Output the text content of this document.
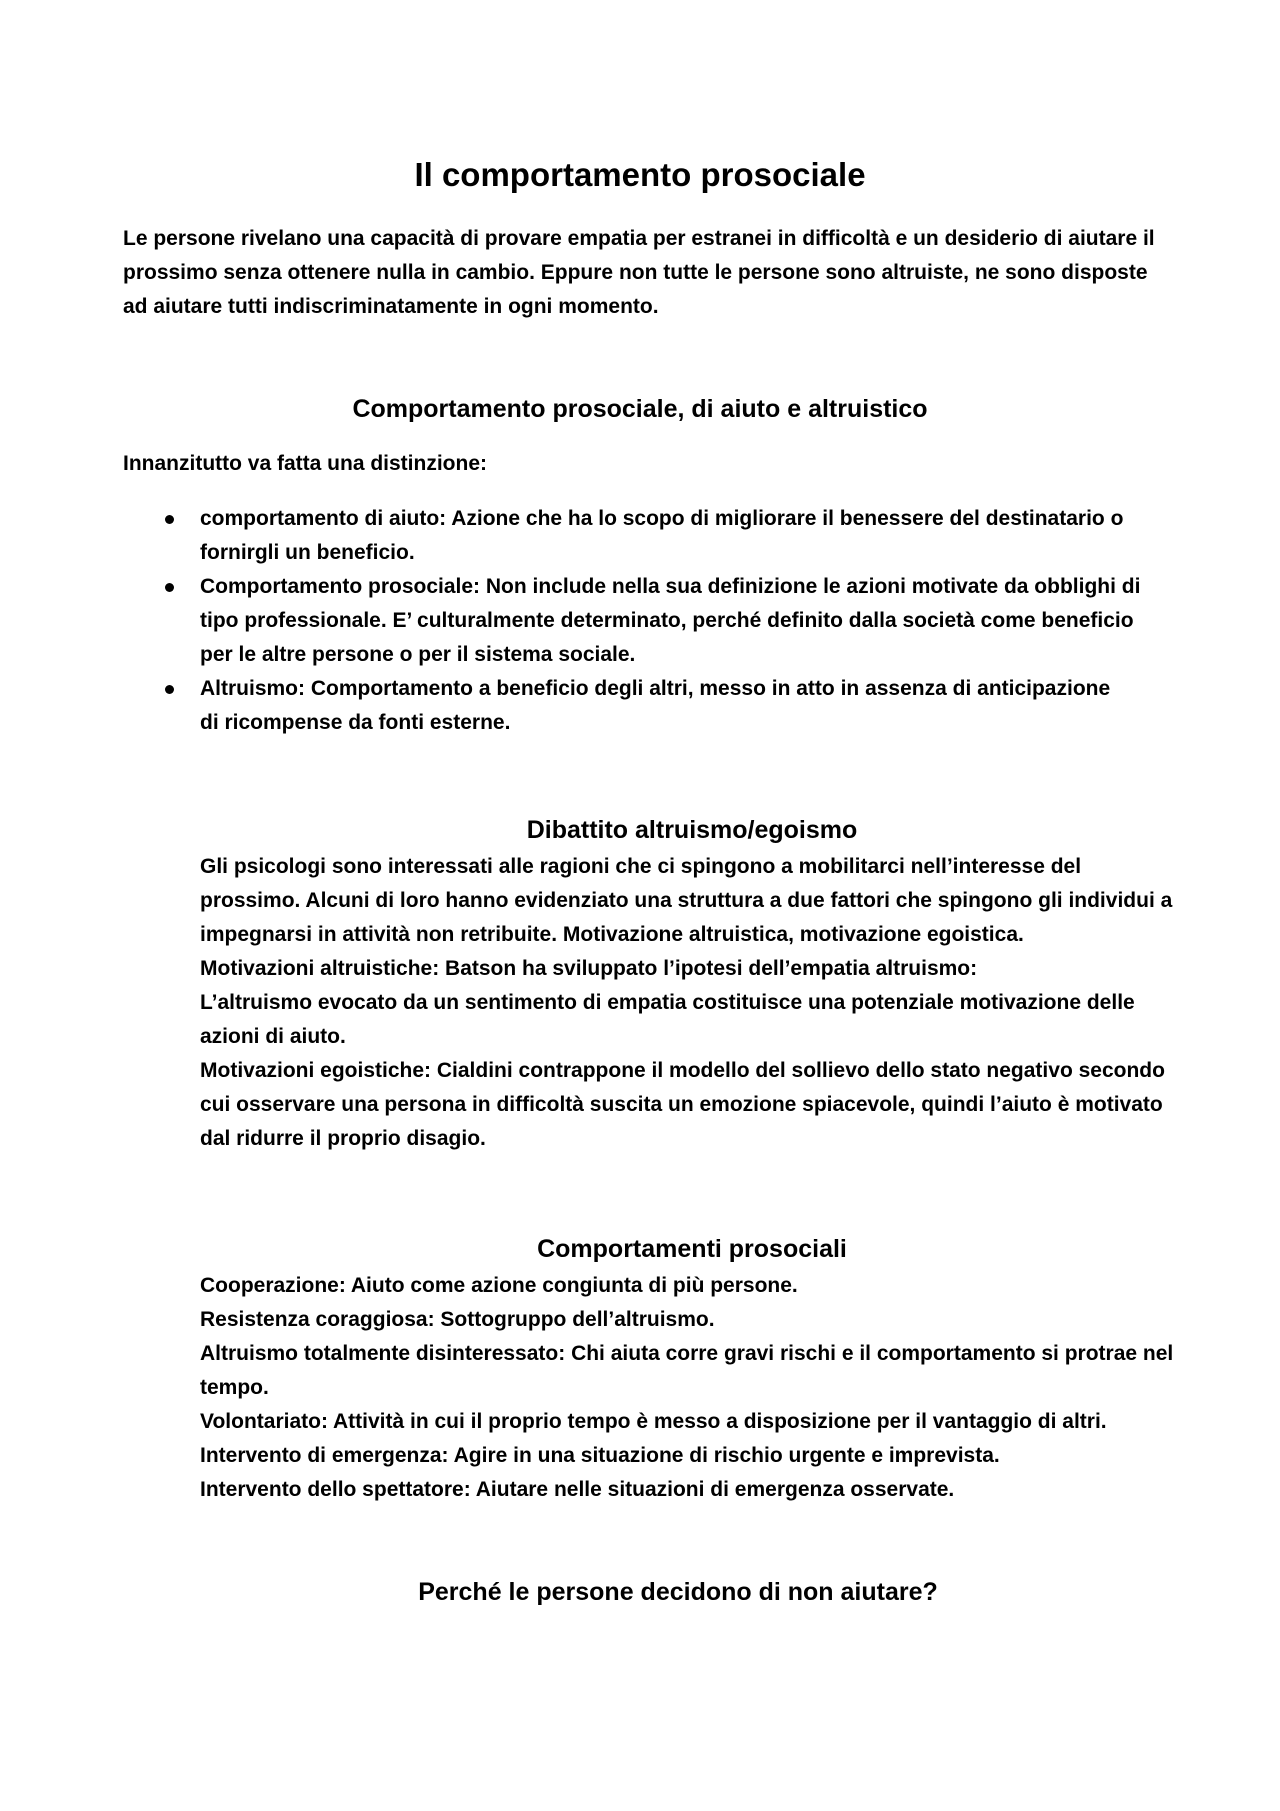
Il comportamento prosociale

Le persone rivelano una capacità di provare empatia per estranei in difficoltà e un desiderio di aiutare il prossimo senza ottenere nulla in cambio. Eppure non tutte le persone sono altruiste, ne sono disposte ad aiutare tutti indiscriminatamente in ogni momento.

Comportamento prosociale, di aiuto e altruistico

Innanzitutto va fatta una distinzione:

comportamento di aiuto: Azione che ha lo scopo di migliorare il benessere del destinatario o fornirgli un beneficio.
Comportamento prosociale: Non include nella sua definizione le azioni motivate da obblighi di tipo professionale. E’ culturalmente determinato, perché definito dalla società come beneficio per le altre persone o per il sistema sociale.
Altruismo: Comportamento a beneficio degli altri, messo in atto in assenza di anticipazione
di ricompense da fonti esterne.
Dibattito altruismo/egoismo

Gli psicologi sono interessati alle ragioni che ci spingono a mobilitarci nell’interesse del prossimo. Alcuni di loro hanno evidenziato una struttura a due fattori che spingono gli individui a impegnarsi in attività non retribuite. Motivazione altruistica, motivazione egoistica.

Motivazioni altruistiche: Batson ha sviluppato l’ipotesi dell’empatia altruismo:

L’altruismo evocato da un sentimento di empatia costituisce una potenziale motivazione delle azioni di aiuto.

Motivazioni egoistiche: Cialdini contrappone il modello del sollievo dello stato negativo secondo cui osservare una persona in difficoltà suscita un emozione spiacevole, quindi l’aiuto è motivato dal ridurre il proprio disagio.

Comportamenti prosociali

Cooperazione: Aiuto come azione congiunta di più persone.

Resistenza coraggiosa: Sottogruppo dell’altruismo.

Altruismo totalmente disinteressato: Chi aiuta corre gravi rischi e il comportamento si protrae nel tempo.

Volontariato: Attività in cui il proprio tempo è messo a disposizione per il vantaggio di altri.

Intervento di emergenza: Agire in una situazione di rischio urgente e imprevista.

Intervento dello spettatore: Aiutare nelle situazioni di emergenza osservate.

Perché le persone decidono di non aiutare?
